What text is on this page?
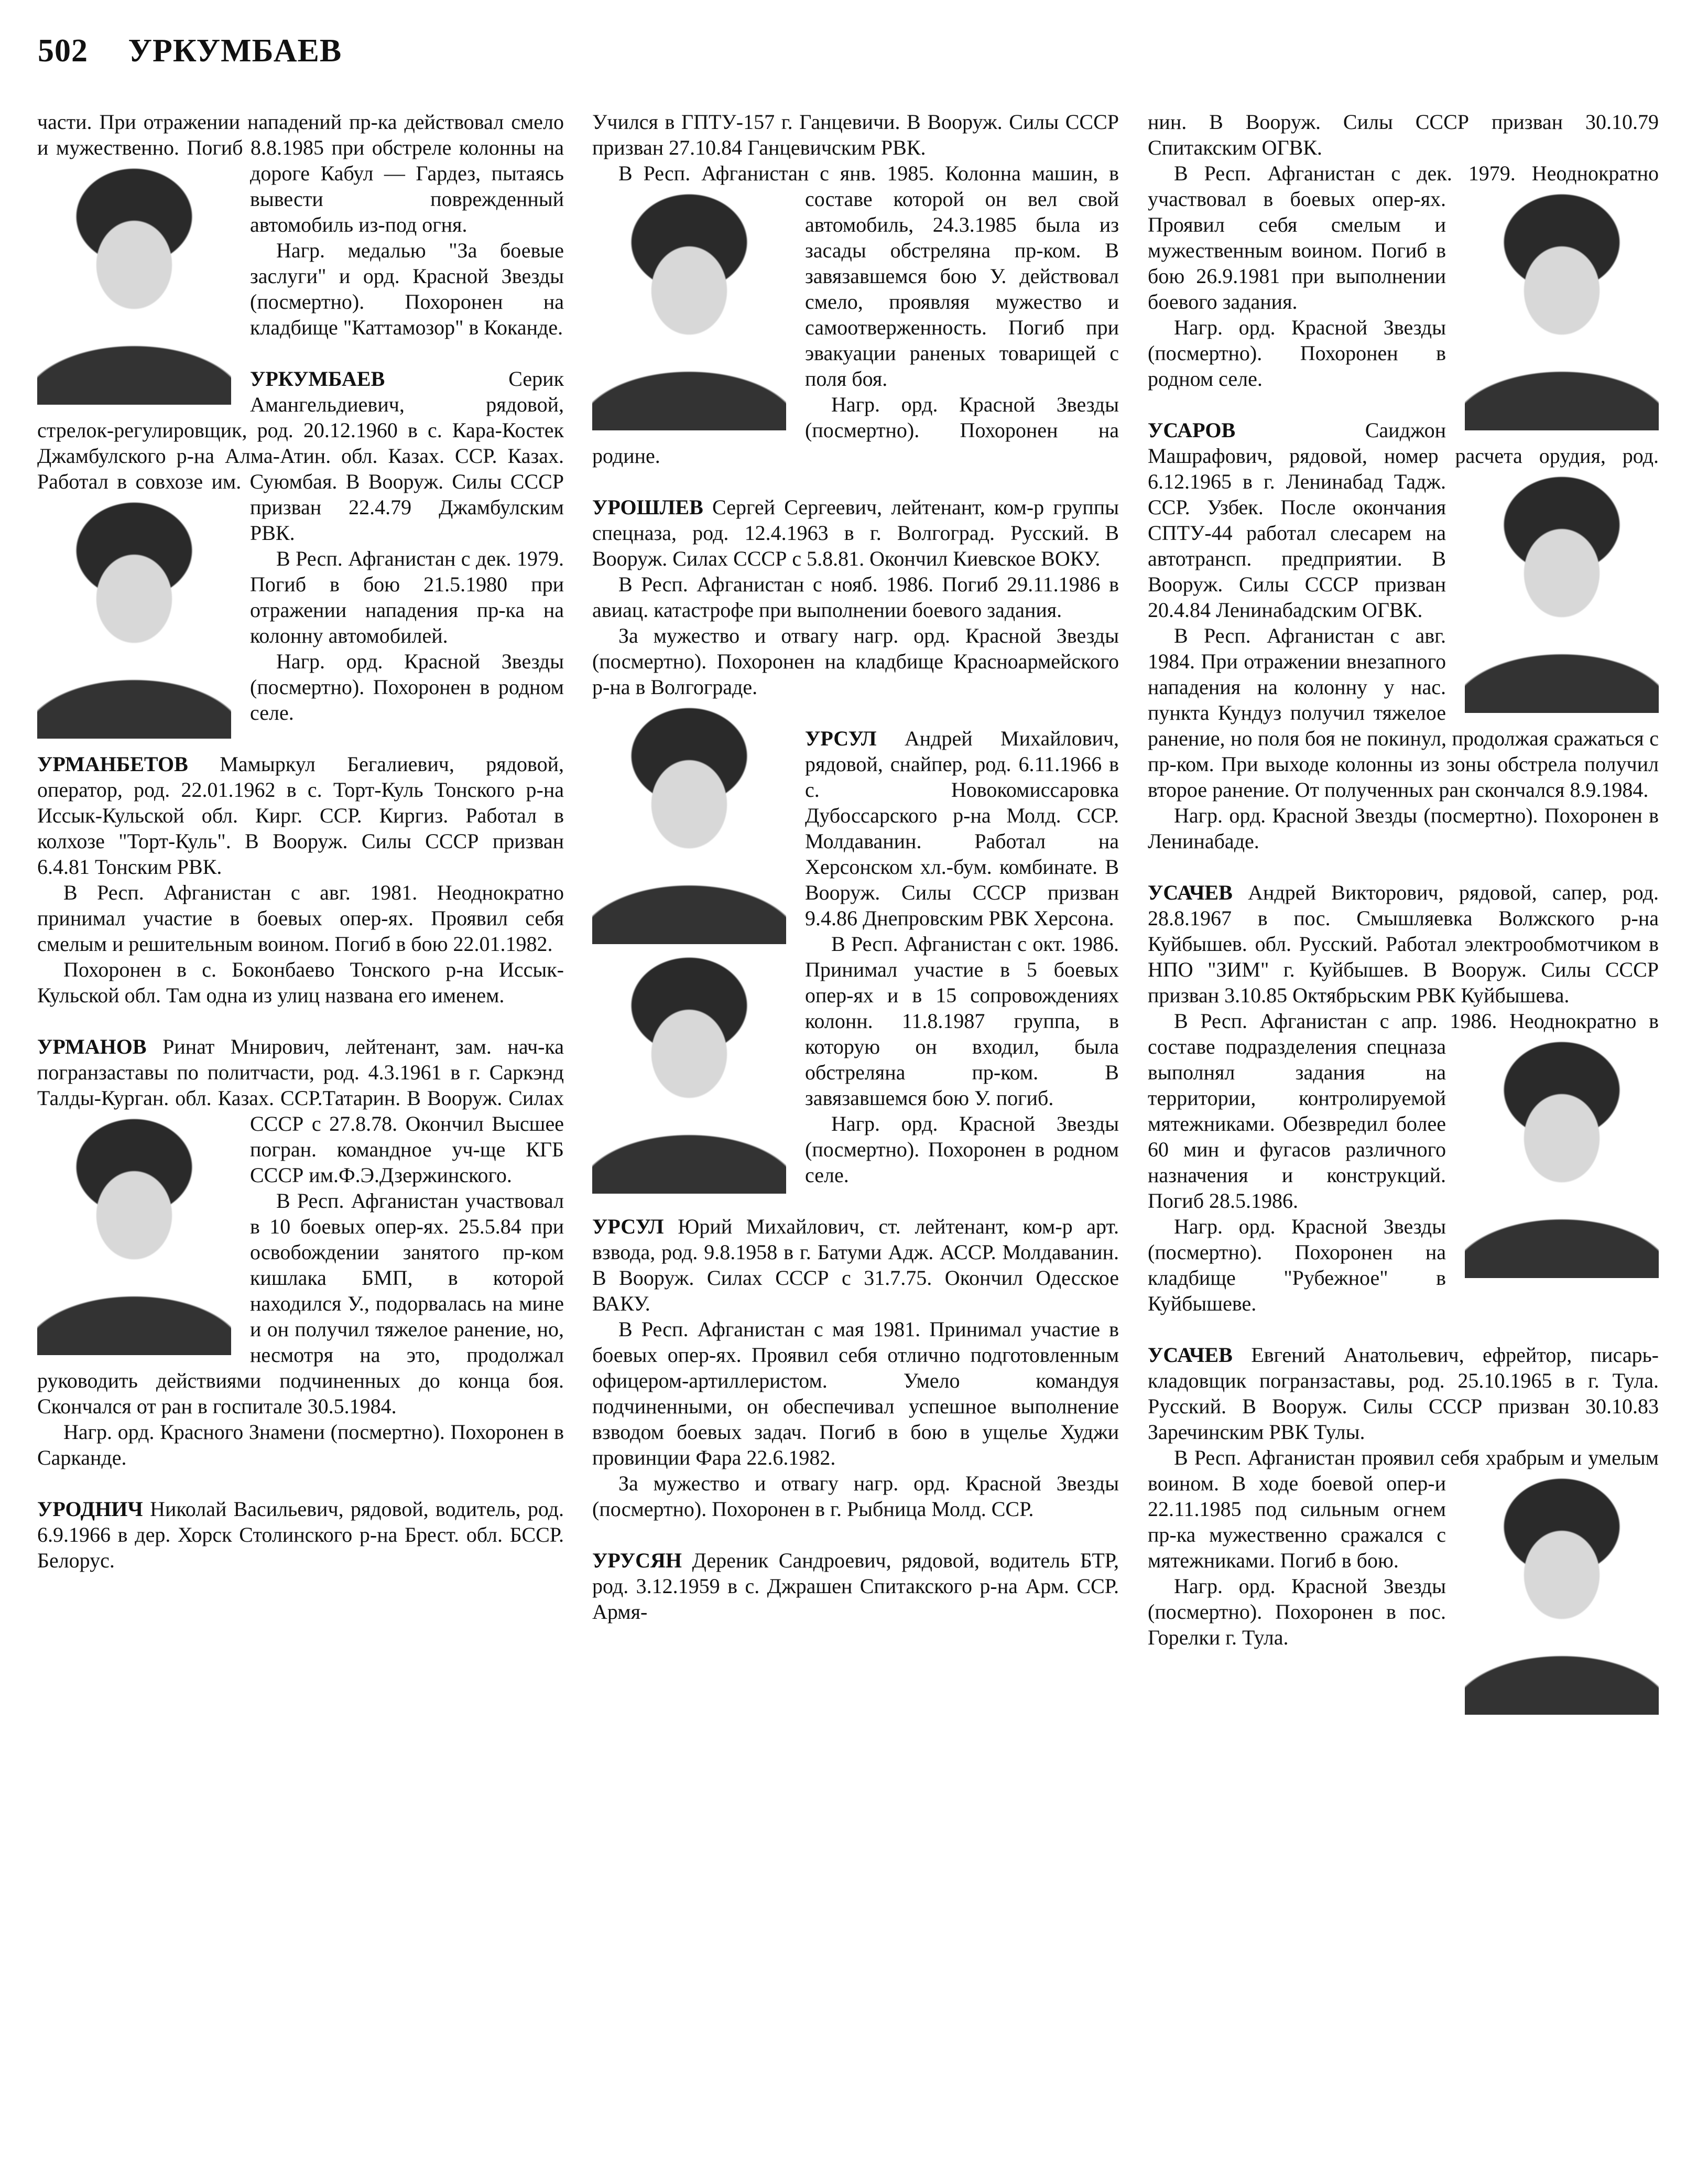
502 УРКУМБАЕВ

части. При отражении нападений пр-ка действовал смело и мужественно. Погиб 8.8.1985 при обстреле колонны на дороге Кабул — Гардез, пытаясь вывести поврежденный автомобиль из-под огня.

Нагр. медалью "За боевые заслуги" и орд. Красной Звезды (посмертно). Похоронен на кладбище "Каттамозор" в Коканде.

УРКУМБАЕВ	Серик Амангельдиевич, рядовой, стрелок-регулировщик, род. 20.12.1960 в с. Кара-Костек Джамбулского р-на Алма-Атин. обл. Казах. ССР. Казах. Работал в совхозе им. Суюмбая. В Вооруж. Силы СССР призван 22.4.79 Джамбулским РВК.

В Респ. Афганистан с дек. 1979. Погиб в бою 21.5.1980 при отражении нападения пр-ка на колонну автомобилей.

Нагр. орд. Красной Звезды (посмертно). Похоронен в родном селе.

УРМАНБЕТОВ Мамыркул Бегалиевич, рядовой, оператор, род. 22.01.1962 в с. Торт-Куль Тонского р-на Иссык-Кульской обл. Кирг. ССР. Киргиз. Работал в колхозе "Торт-Куль". В Вооруж. Силы СССР призван 6.4.81 Тонским РВК.

В Респ. Афганистан с авг. 1981. Неоднократно принимал участие в боевых опер-ях. Проявил себя смелым и решительным воином. Погиб в бою 22.01.1982.

Похоронен в с. Боконбаево Тонского р-на Иссык-Кульской обл. Там одна из улиц названа его именем.

УРМАНОВ Ринат Мнирович, лейтенант, зам. нач-ка погранзаставы по политчасти, род. 4.3.1961 в г. Саркэнд Талды-Курган. обл. Казах. ССР.Татарин. В Вооруж. Силах СССР с 27.8.78. Окончил Высшее погран. командное уч-ще КГБ СССР им.Ф.Э.Дзержинского.

В Респ. Афганистан участвовал в 10 боевых опер-ях. 25.5.84 при освобождении занятого пр-ком кишлака БМП, в которой находился У., подорвалась на мине и он получил тяжелое ранение, но, несмотря на это, продолжал руководить действиями подчиненных до конца боя. Скончался от ран в госпитале 30.5.1984.

Нагр. орд. Красного Знамени (посмертно). Похоронен в Сарканде.

УРОДНИЧ Николай Васильевич, рядовой, водитель, род. 6.9.1966 в дер. Хорск Столинского р-на Брест. обл. БССР. Белорус.

Учился в ГПТУ-157 г. Ганцевичи. В Вооруж. Силы СССР призван 27.10.84 Ганцевичским РВК.

В Респ. Афганистан с янв. 1985. Колонна машин, в составе которой он вел свой автомобиль, 24.3.1985 была из засады обстреляна пр-ком. В завязавшемся бою У. действовал смело, проявляя мужество и самоотверженность. Погиб при эвакуации раненых товарищей с поля боя.

Нагр. орд. Красной Звезды (посмертно). Похоронен на родине.

УРОШЛЕВ Сергей Сергеевич, лейтенант, ком-р группы спецназа, род. 12.4.1963 в г. Волгоград. Русский. В Вооруж. Силах СССР с 5.8.81. Окончил Киевское ВОКУ.

В Респ. Афганистан с нояб. 1986. Погиб 29.11.1986 в авиац. катастрофе при выполнении боевого задания.

За мужество и отвагу нагр. орд. Красной Звезды (посмертно). Похоронен на кладбище Красноармейского р-на в Волгограде.

УРСУЛ Андрей Михайлович, рядовой, снайпер, род. 6.11.1966 в с. Новокомиссаровка Дубоссарского р-на Молд. ССР. Молдаванин. Работал на Херсонском хл.-бум. комбинате. В Вооруж. Силы СССР призван 9.4.86 Днепровским РВК Херсона.

В Респ. Афганистан с окт. 1986. Принимал участие в 5 боевых опер-ях и в 15 сопровождениях колонн. 11.8.1987 группа, в которую он входил, была обстреляна пр-ком. В завязавшемся бою У. погиб.

Нагр. орд. Красной Звезды (посмертно). Похоронен в родном селе.

УРСУЛ Юрий Михайлович, ст. лейтенант, ком-р арт. взвода, род. 9.8.1958 в г. Батуми Адж. АССР. Молдаванин. В Вооруж. Силах СССР с 31.7.75. Окончил Одесское ВАКУ.

В Респ. Афганистан с мая 1981. Принимал участие в боевых опер-ях. Проявил себя отлично подготовленным офицером-артиллеристом. Умело командуя подчиненными, он обеспечивал успешное выполнение взводом боевых задач. Погиб в бою в ущелье Худжи провинции Фара 22.6.1982.

За мужество и отвагу нагр. орд. Красной Звезды (посмертно). Похоронен в г. Рыбница Молд. ССР.

УРУСЯН Дереник Сандроевич, рядовой, водитель БТР, род. 3.12.1959 в с. Джрашен Спитакского р-на Арм. ССР. Армя-

нин. В Вооруж. Силы СССР призван 30.10.79 Спитакским ОГВК.

В Респ. Афганистан с дек. 1979. Неоднократно участвовал в боевых опер-ях. Проявил себя смелым и мужественным воином. Погиб в бою 26.9.1981 при выполнении боевого задания.

Нагр. орд. Красной Звезды (посмертно). Похоронен в родном селе.

УСАРОВ	Саиджон Машрафович, рядовой, номер расчета орудия, род. 6.12.1965 в г. Ленинабад Тадж. ССР. Узбек. После окончания СПТУ-44 работал слесарем на автотрансп. предприятии. В Вооруж. Силы СССР призван 20.4.84 Ленинабадским ОГВК.

В Респ. Афганистан с авг. 1984. При отражении внезапного нападения на колонну у нас. пункта Кундуз получил тяжелое ранение, но поля боя не покинул, продолжая сражаться с пр-ком. При выходе колонны из зоны обстрела получил второе ранение. От полученных ран скончался 8.9.1984.

Нагр. орд. Красной Звезды (посмертно). Похоронен в Ленинабаде.

УСАЧЕВ Андрей Викторович, рядовой, сапер, род. 28.8.1967 в пос. Смышляевка Волжского р-на Куйбышев. обл. Русский. Работал электрообмотчиком в НПО "ЗИМ" г. Куйбышев. В Вооруж. Силы СССР призван 3.10.85 Октябрьским РВК Куйбышева.

В Респ. Афганистан с апр. 1986. Неоднократно в составе подразделения спецназа выполнял задания на территории, контролируемой мятежниками. Обезвредил более 60 мин и фугасов различного назначения и конструкций. Погиб 28.5.1986.

Нагр. орд. Красной Звезды (посмертно). Похоронен на кладбище "Рубежное" в Куйбышеве.

УСАЧЕВ Евгений Анатольевич, ефрейтор, писарь-кладовщик погранзаставы, род. 25.10.1965 в г. Тула. Русский. В Вооруж. Силы СССР призван 30.10.83 Заречинским РВК Тулы.

В Респ. Афганистан проявил себя храбрым и умелым воином. В ходе боевой опер-и 22.11.1985 под сильным огнем пр-ка мужественно сражался с мятежниками. Погиб в бою.

Нагр. орд. Красной Звезды (посмертно). Похоронен в пос. Горелки г. Тула.
